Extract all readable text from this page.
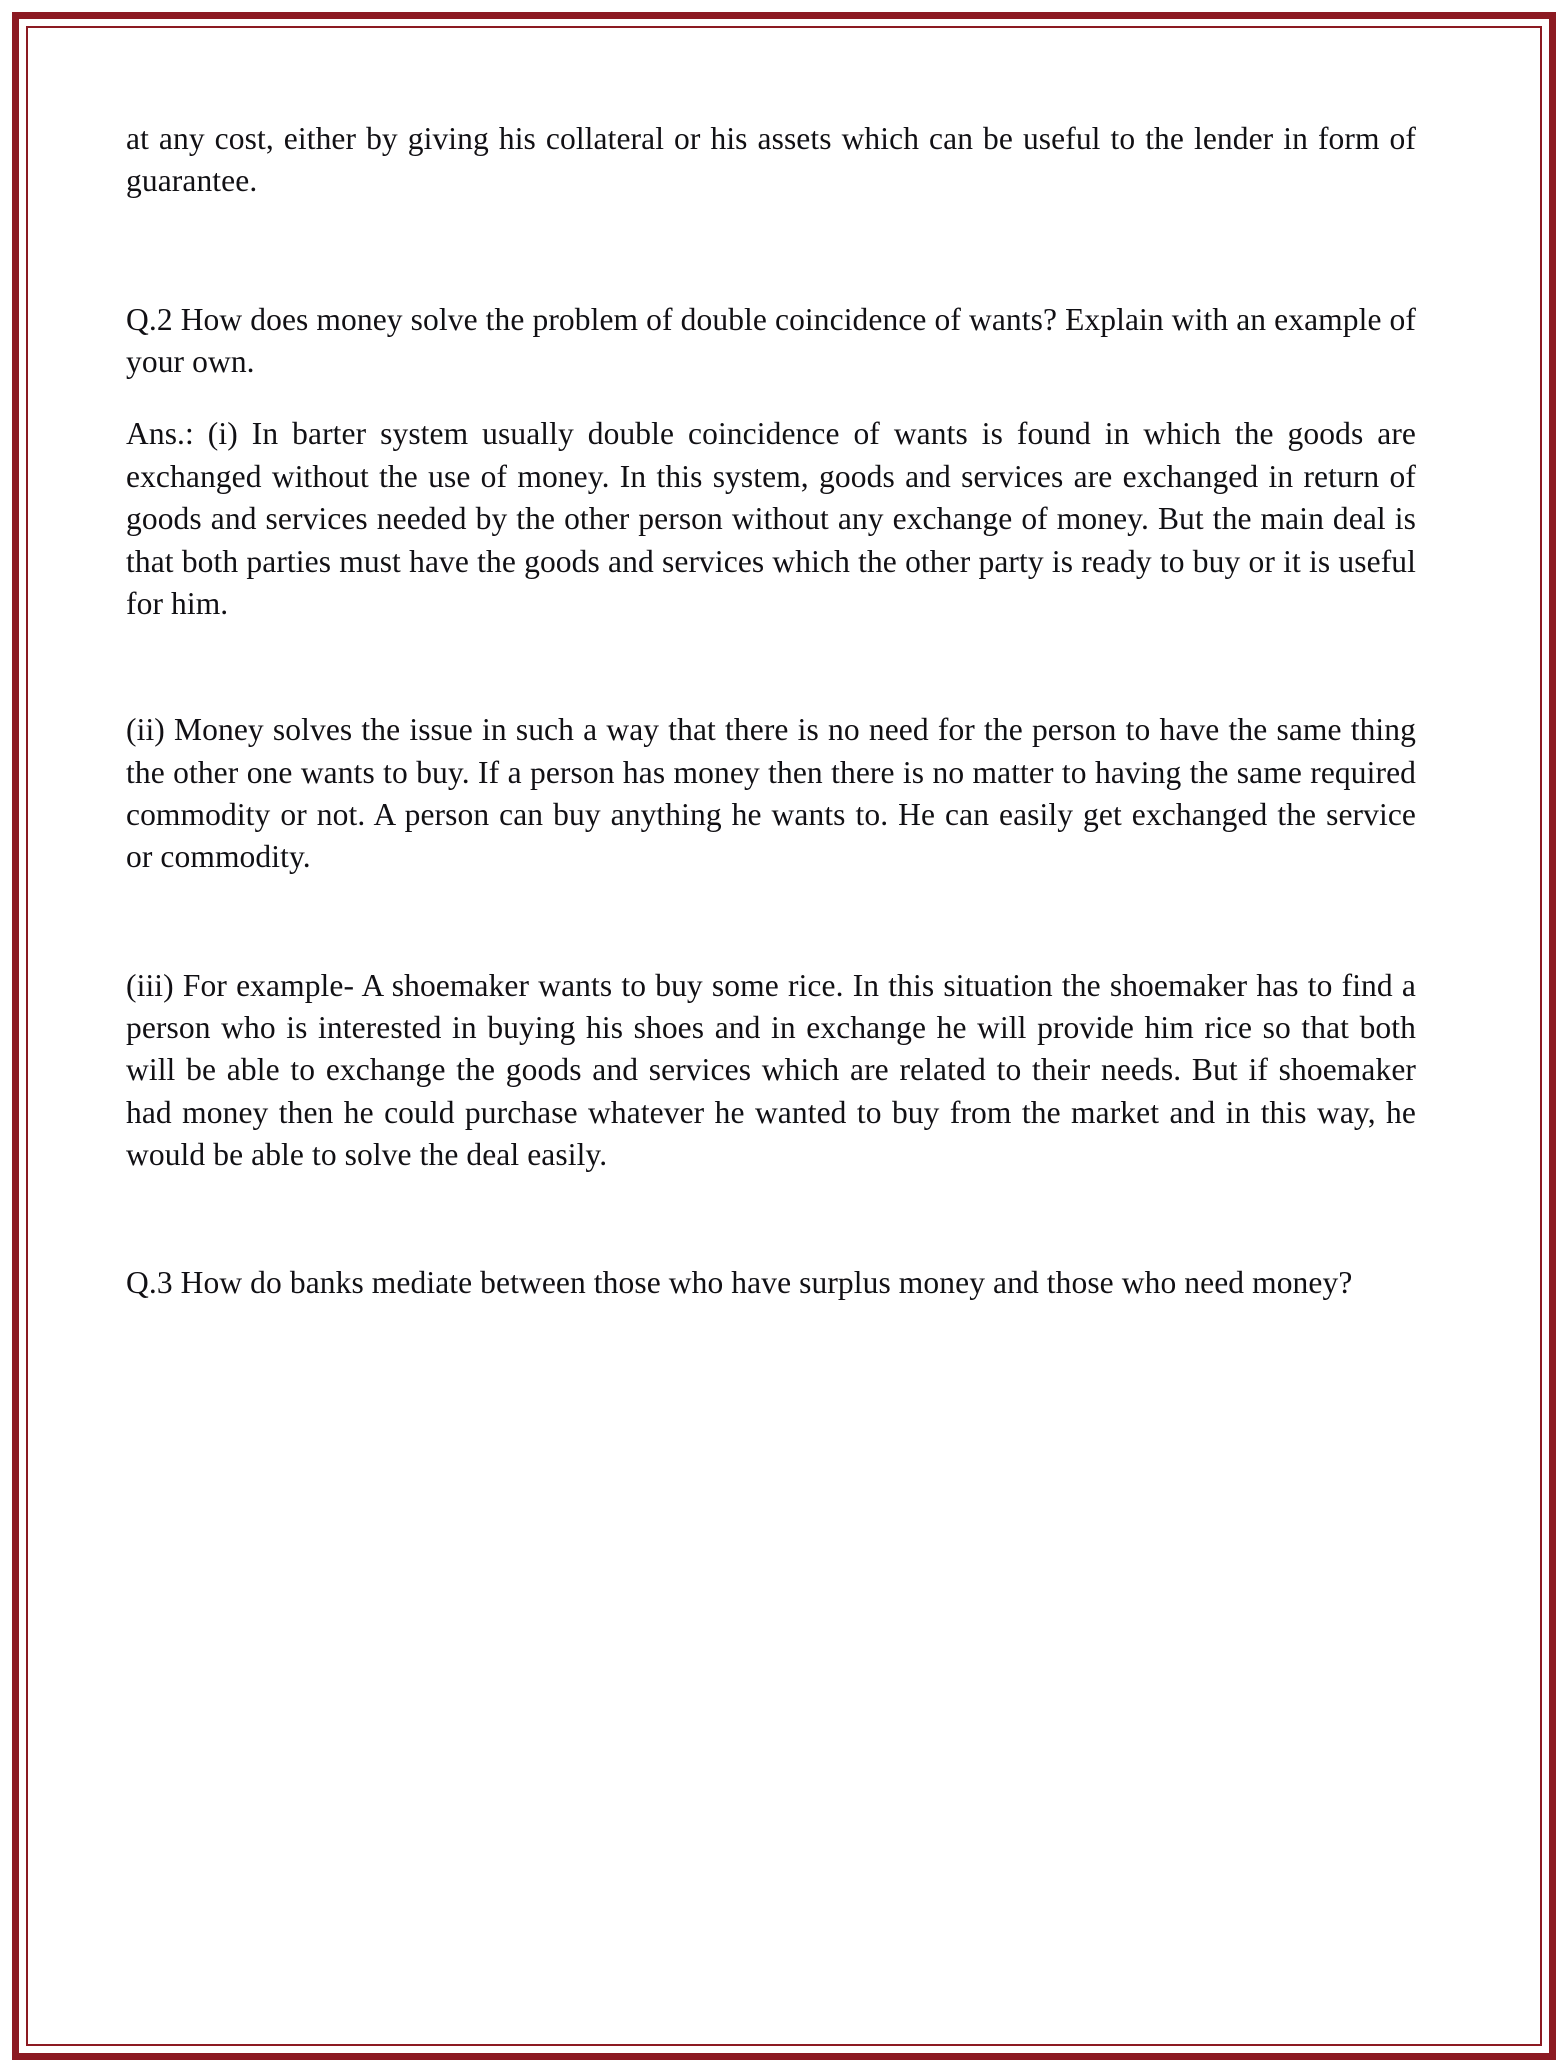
at any cost, either by giving his collateral or his assets which can be useful to the lender in form of guarantee.

Q.2 How does money solve the problem of double coincidence of wants? Explain with an example of your own.

Ans.: (i) In barter system usually double coincidence of wants is found in which the goods are exchanged without the use of money. In this system, goods and services are exchanged in return of goods and services needed by the other person without any exchange of money. But the main deal is that both parties must have the goods and services which the other party is ready to buy or it is useful for him.

(ii) Money solves the issue in such a way that there is no need for the person to have the same thing the other one wants to buy. If a person has money then there is no matter to having the same required commodity or not. A person can buy anything he wants to. He can easily get exchanged the service or commodity.

(iii) For example- A shoemaker wants to buy some rice. In this situation the shoemaker has to find a person who is interested in buying his shoes and in exchange he will provide him rice so that both will be able to exchange the goods and services which are related to their needs. But if shoemaker had money then he could purchase whatever he wanted to buy from the market and in this way, he would be able to solve the deal easily.

Q.3 How do banks mediate between those who have surplus money and those who need money?
